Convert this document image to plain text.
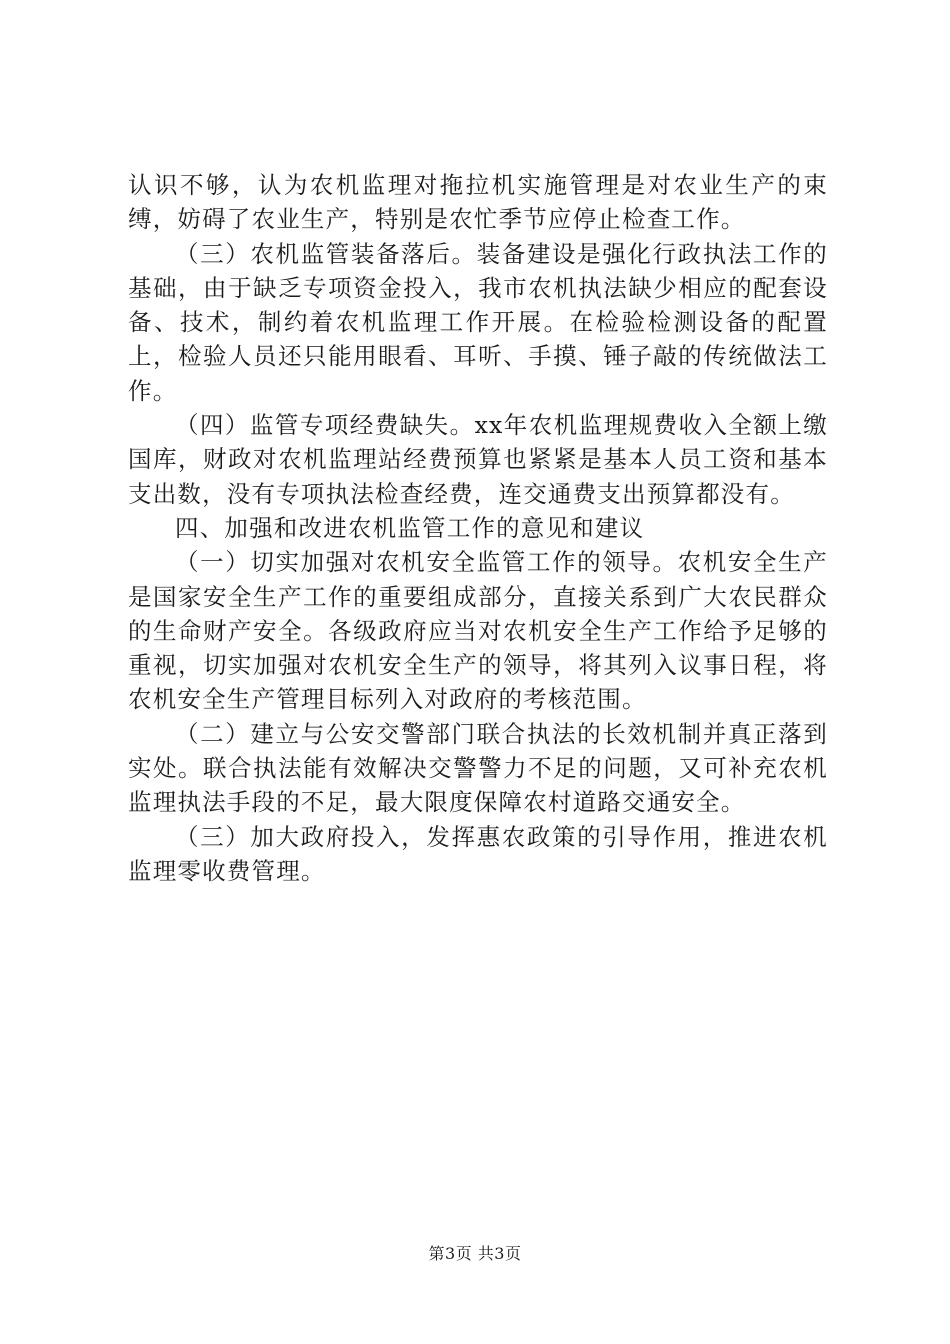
认识不够，认为农机监理对拖拉机实施管理是对农业生产的束缚，妨碍了农业生产，特别是农忙季节应停止检查工作。

（三）农机监管装备落后。装备建设是强化行政执法工作的基础，由于缺乏专项资金投入，我市农机执法缺少相应的配套设备、技术，制约着农机监理工作开展。在检验检测设备的配置上，检验人员还只能用眼看、耳听、手摸、锤子敲的传统做法工作。

（四）监管专项经费缺失。xx年农机监理规费收入全额上缴国库，财政对农机监理站经费预算也紧紧是基本人员工资和基本支出数，没有专项执法检查经费，连交通费支出预算都没有。

四、加强和改进农机监管工作的意见和建议

（一）切实加强对农机安全监管工作的领导。农机安全生产是国家安全生产工作的重要组成部分，直接关系到广大农民群众的生命财产安全。各级政府应当对农机安全生产工作给予足够的重视，切实加强对农机安全生产的领导，将其列入议事日程，将农机安全生产管理目标列入对政府的考核范围。

（二）建立与公安交警部门联合执法的长效机制并真正落到实处。联合执法能有效解决交警警力不足的问题，又可补充农机监理执法手段的不足，最大限度保障农村道路交通安全。

（三）加大政府投入，发挥惠农政策的引导作用，推进农机监理零收费管理。

第3页 共3页
